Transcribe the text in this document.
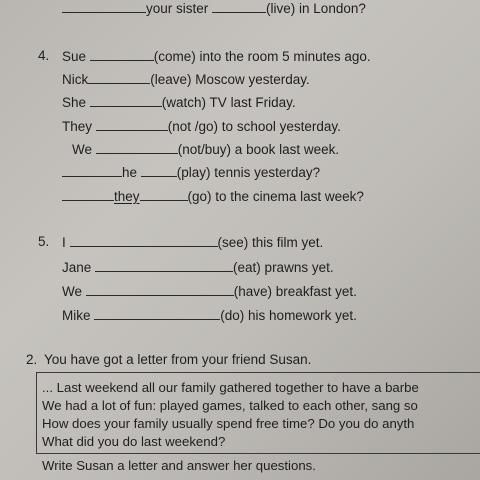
your sister	(live) in London?
4. Sue	(come) into the room 5 minutes ago.
Nick	(leave) Moscow yesterday.
She	(watch) TV last Friday.
They	(not /go) to school yesterday.
We	(not/buy) a book last week.
he	(play) tennis yesterday?
they	(go) to the cinema last week?
5. I	(see) this film yet.
Jane	(eat) prawns yet.
We	(have) breakfast yet.
Mike	(do) his homework yet.
2. You have got a letter from your friend Susan.
... Last weekend all our family gathered together to have a barbe
We had a lot of fun: played games, talked to each other, sang so
How does your family usually spend free time? Do you do anyth
What did you do last weekend?
Write Susan a letter and answer her questions.
